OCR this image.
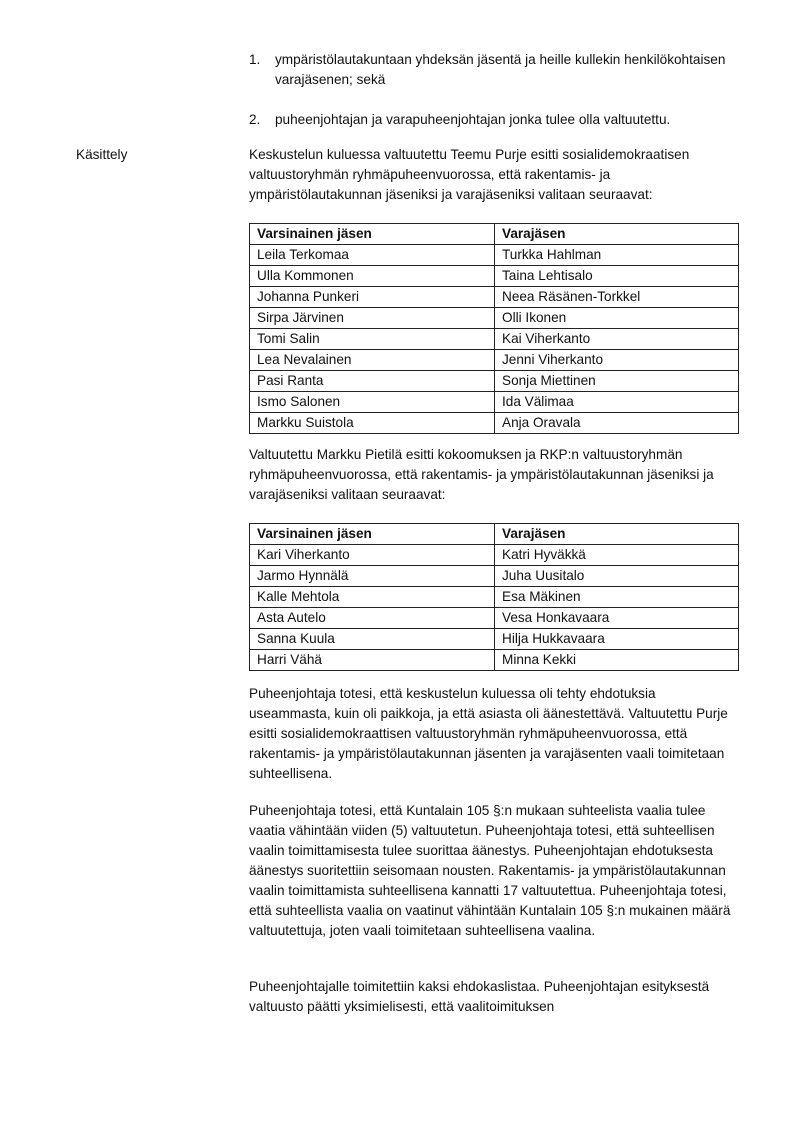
1. ympäristölautakuntaan yhdeksän jäsentä ja heille kullekin henkilökohtaisen varajäsenen; sekä
2. puheenjohtajan ja varapuheenjohtajan jonka tulee olla valtuutettu.
Käsittely	Keskustelun kuluessa valtuutettu Teemu Purje esitti sosialidemokraatisen valtuustoryhmän ryhmäpuheenvuorossa, että rakentamis- ja ympäristölautakunnan jäseniksi ja varajäseniksi valitaan seuraavat:
Varsinainen jäsen	Varajäsen
Leila Terkomaa	Turkka Hahlman
Ulla Kommonen	Taina Lehtisalo
Johanna Punkeri	Neea Räsänen-Torkkel
Sirpa Järvinen	Olli Ikonen
Tomi Salin	Kai Viherkanto
Lea Nevalainen	Jenni Viherkanto
Pasi Ranta	Sonja Miettinen
Ismo Salonen	Ida Välimaa
Markku Suistola	Anja Oravala
Valtuutettu Markku Pietilä esitti kokoomuksen ja RKP:n valtuustoryhmän ryhmäpuheenvuorossa, että rakentamis- ja ympäristölautakunnan jäseniksi ja varajäseniksi valitaan seuraavat:
Varsinainen jäsen	Varajäsen
Kari Viherkanto	Katri Hyväkkä
Jarmo Hynnälä	Juha Uusitalo
Kalle Mehtola	Esa Mäkinen
Asta Autelo	Vesa Honkavaara
Sanna Kuula	Hilja Hukkavaara
Harri Vähä	Minna Kekki
Puheenjohtaja totesi, että keskustelun kuluessa oli tehty ehdotuksia useammasta, kuin oli paikkoja, ja että asiasta oli äänestettävä. Valtuutettu Purje esitti sosialidemokraattisen valtuustoryhmän ryhmäpuheenvuorossa, että rakentamis- ja ympäristölautakunnan jäsenten ja varajäsenten vaali toimitetaan suhteellisena.
Puheenjohtaja totesi, että Kuntalain 105 §:n mukaan suhteelista vaalia tulee vaatia vähintään viiden (5) valtuutetun. Puheenjohtaja totesi, että suhteellisen vaalin toimittamisesta tulee suorittaa äänestys. Puheenjohtajan ehdotuksesta äänestys suoritettiin seisomaan nousten. Rakentamis- ja ympäristölautakunnan vaalin toimittamista suhteellisena kannatti 17 valtuutettua. Puheenjohtaja totesi, että suhteellista vaalia on vaatinut vähintään Kuntalain 105 §:n mukainen määrä valtuutettuja, joten vaali toimitetaan suhteellisena vaalina.
Puheenjohtajalle toimitettiin kaksi ehdokaslistaa. Puheenjohtajan esityksestä valtuusto päätti yksimielisesti, että vaalitoimituksen
